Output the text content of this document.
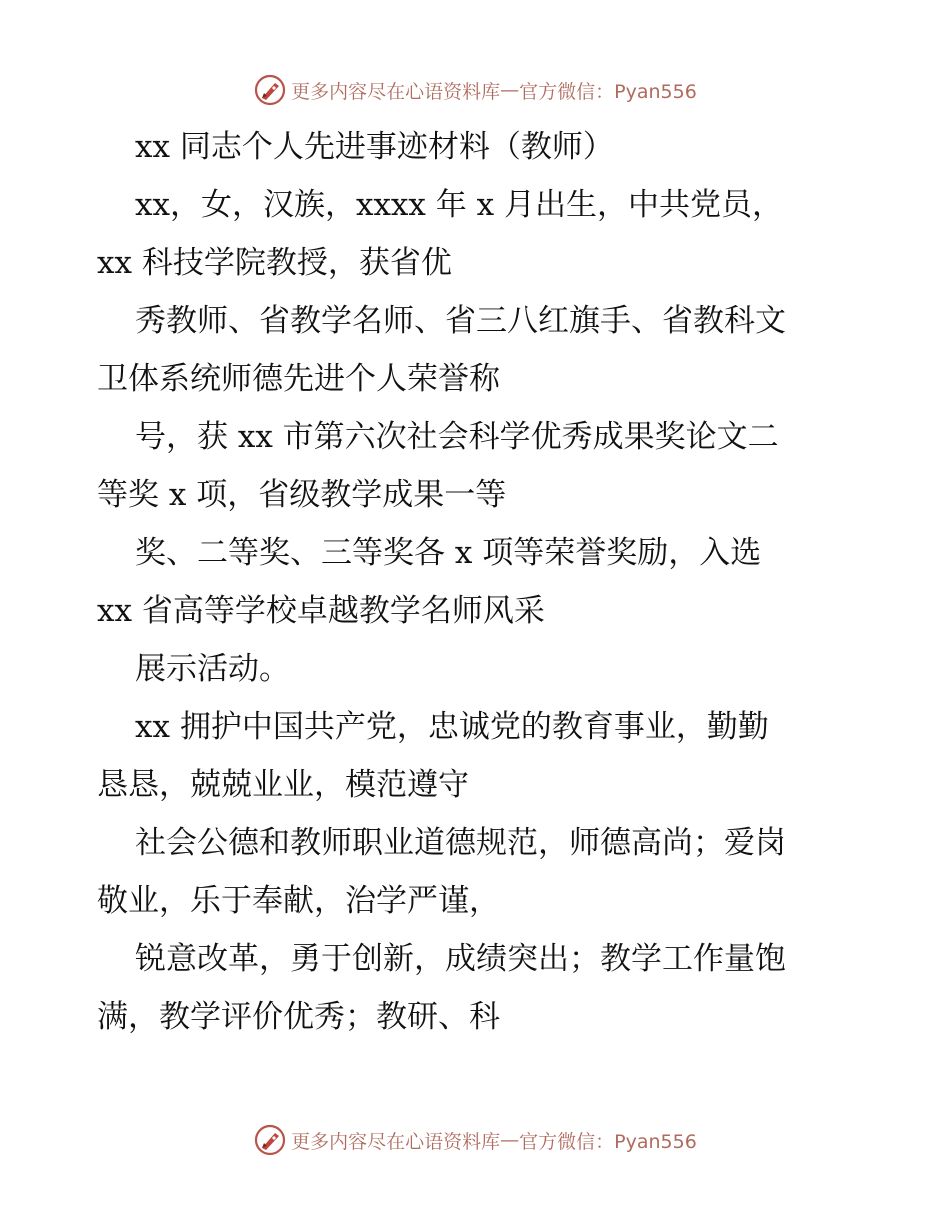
更多内容尽在心语资料库 — 官方微信：Pyan556

xx 同志个人先进事迹材料（教师）

xx，女，汉族，xxxx 年 x 月出生，中共党员，

xx 科技学院教授，获省优

秀教师、省教学名师、省三八红旗手、省教科文

卫体系统师德先进个人荣誉称

号，获 xx 市第六次社会科学优秀成果奖论文二

等奖 x 项，省级教学成果一等

奖、二等奖、三等奖各 x 项等荣誉奖励，入选

xx 省高等学校卓越教学名师风采

展示活动。

xx 拥护中国共产党，忠诚党的教育事业，勤勤

恳恳，兢兢业业，模范遵守

社会公德和教师职业道德规范，师德高尚；爱岗

敬业，乐于奉献，治学严谨，

锐意改革，勇于创新，成绩突出；教学工作量饱

满，教学评价优秀；教研、科

更多内容尽在心语资料库 — 官方微信：Pyan556
